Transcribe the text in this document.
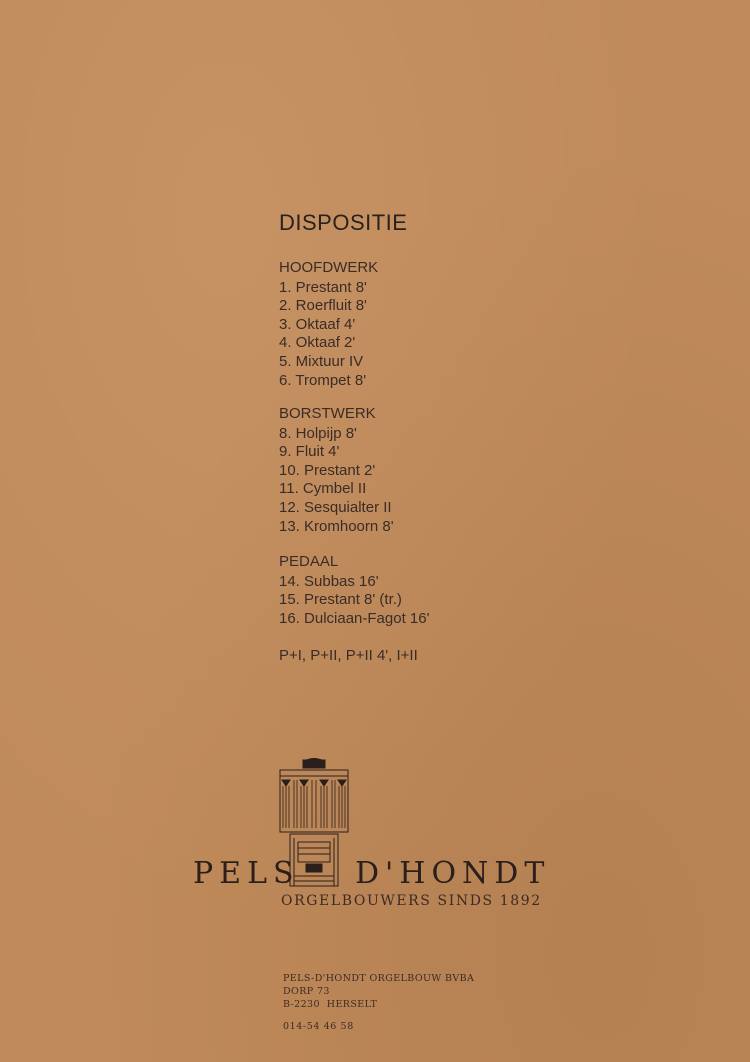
DISPOSITIE
HOOFDWERK
1. Prestant 8'
2. Roerfluit 8'
3. Oktaaf 4'
4. Oktaaf 2'
5. Mixtuur IV
6. Trompet 8'
BORSTWERK
8. Holpijp 8'
9. Fluit 4'
10. Prestant 2'
11. Cymbel II
12. Sesquialter II
13. Kromhoorn 8'
PEDAAL
14. Subbas 16'
15. Prestant 8' (tr.)
16. Dulciaan-Fagot 16'
P+I, P+II, P+II 4', I+II
PELS D'HONDT
ORGELBOUWERS SINDS 1892
PELS-D'HONDT ORGELBOUW BVBA
DORP 73
B-2230  HERSELT
014-54 46 58
